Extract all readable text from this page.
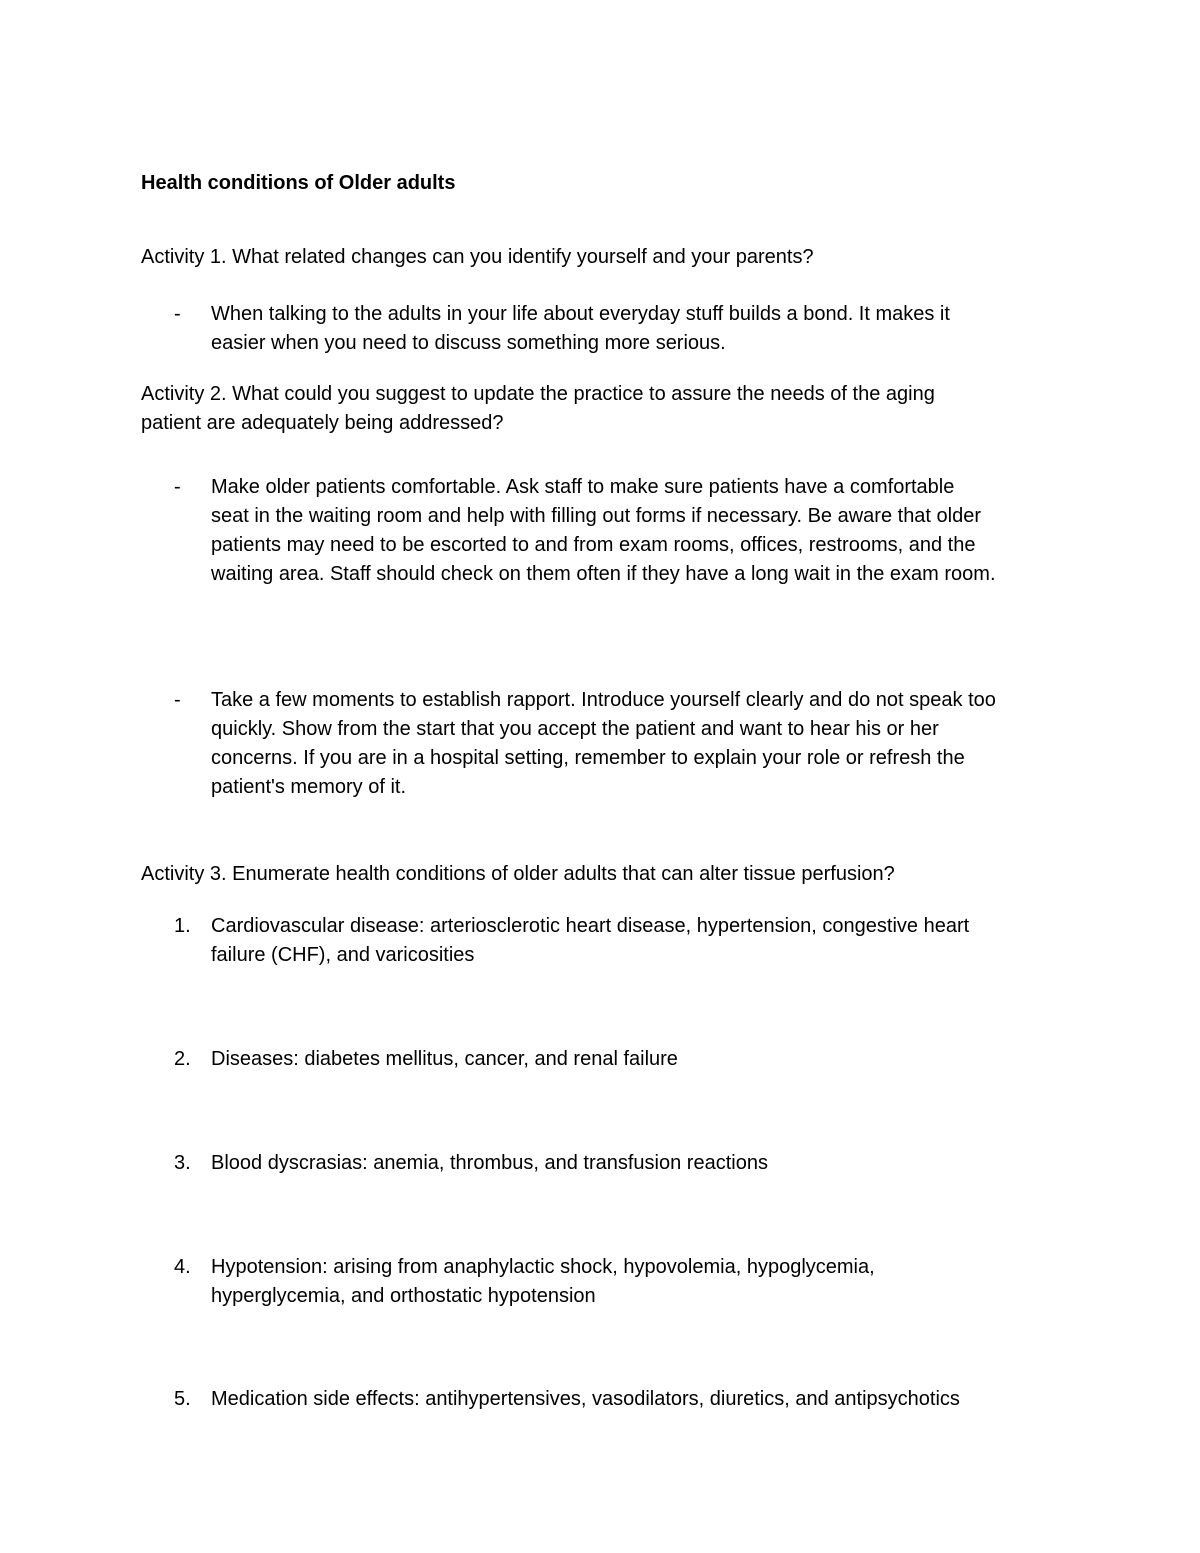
Health conditions of Older adults
Activity 1. What related changes can you identify yourself and your parents?
-	When talking to the adults in your life about everyday stuff builds a bond. It makes it
easier when you need to discuss something more serious.
Activity 2. What could you suggest to update the practice to assure the needs of the aging
patient are adequately being addressed?
-	Make older patients comfortable. Ask staff to make sure patients have a comfortable
seat in the waiting room and help with filling out forms if necessary. Be aware that older
patients may need to be escorted to and from exam rooms, offices, restrooms, and the
waiting area. Staff should check on them often if they have a long wait in the exam room.
-	Take a few moments to establish rapport. Introduce yourself clearly and do not speak too
quickly. Show from the start that you accept the patient and want to hear his or her
concerns. If you are in a hospital setting, remember to explain your role or refresh the
patient's memory of it.
Activity 3. Enumerate health conditions of older adults that can alter tissue perfusion?
1.	Cardiovascular disease: arteriosclerotic heart disease, hypertension, congestive heart
failure (CHF), and varicosities
2.	Diseases: diabetes mellitus, cancer, and renal failure
3.	Blood dyscrasias: anemia, thrombus, and transfusion reactions
4.	Hypotension: arising from anaphylactic shock, hypovolemia, hypoglycemia,
hyperglycemia, and orthostatic hypotension
5.	Medication side effects: antihypertensives, vasodilators, diuretics, and antipsychotics
